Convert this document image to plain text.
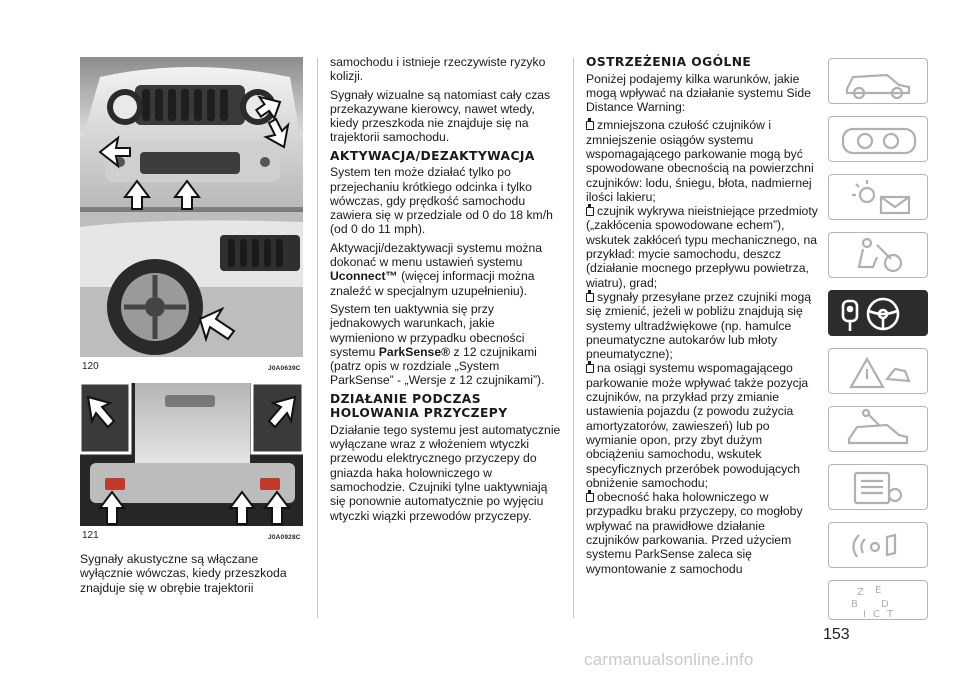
120	J0A0639C
121	J0A0928C

Sygnały akustyczne są włączane wyłącznie wówczas, kiedy przeszkoda znajduje się w obrębie trajektorii

samochodu i istnieje rzeczywiste ryzyko kolizji.

Sygnały wizualne są natomiast cały czas przekazywane kierowcy, nawet wtedy, kiedy przeszkoda nie znajduje się na trajektorii samochodu.

AKTYWACJA/DEZAKTYWACJA

System ten może działać tylko po przejechaniu krótkiego odcinka i tylko wówczas, gdy prędkość samochodu zawiera się w przedziale od 0 do 18 km/h (od 0 do 11 mph).

Aktywacji/dezaktywacji systemu można dokonać w menu ustawień systemu Uconnect™ (więcej informacji można znaleźć w specjalnym uzupełnieniu).

System ten uaktywnia się przy jednakowych warunkach, jakie wymieniono w przypadku obecności systemu ParkSense® z 12 czujnikami (patrz opis w rozdziale „System ParkSense” - „Wersje z 12 czujnikami”).

DZIAŁANIE PODCZAS HOLOWANIA PRZYCZEPY

Działanie tego systemu jest automatycznie wyłączane wraz z włożeniem wtyczki przewodu elektrycznego przyczepy do gniazda haka holowniczego w samochodzie. Czujniki tylne uaktywniają się ponownie automatycznie po wyjęciu wtyczki wiązki przewodów przyczepy.

OSTRZEŻENIA OGÓLNE

Poniżej podajemy kilka warunków, jakie mogą wpływać na działanie systemu Side Distance Warning:

zmniejszona czułość czujników i zmniejszenie osiągów systemu wspomagającego parkowanie mogą być spowodowane obecnością na powierzchni czujników: lodu, śniegu, błota, nadmiernej ilości lakieru;

czujnik wykrywa nieistniejące przedmioty („zakłócenia spowodowane echem”), wskutek zakłóceń typu mechanicznego, na przykład: mycie samochodu, deszcz (działanie mocnego przepływu powietrza, wiatru), grad;

sygnały przesyłane przez czujniki mogą się zmienić, jeżeli w pobliżu znajdują się systemy ultradźwiękowe (np. hamulce pneumatyczne autokarów lub młoty pneumatyczne);

na osiągi systemu wspomagającego parkowanie może wpływać także pozycja czujników, na przykład przy zmianie ustawienia pojazdu (z powodu zużycia amortyzatorów, zawieszeń) lub po wymianie opon, przy zbyt dużym obciążeniu samochodu, wskutek specyficznych przeróbek powodujących obniżenie samochodu;

obecność haka holowniczego w przypadku braku przyczepy, co mogłoby wpływać na prawidłowe działanie czujników parkowania. Przed użyciem systemu ParkSense zaleca się wymontowanie z samochodu

Z E
B D
I C T
153
carmanualsonline.info
